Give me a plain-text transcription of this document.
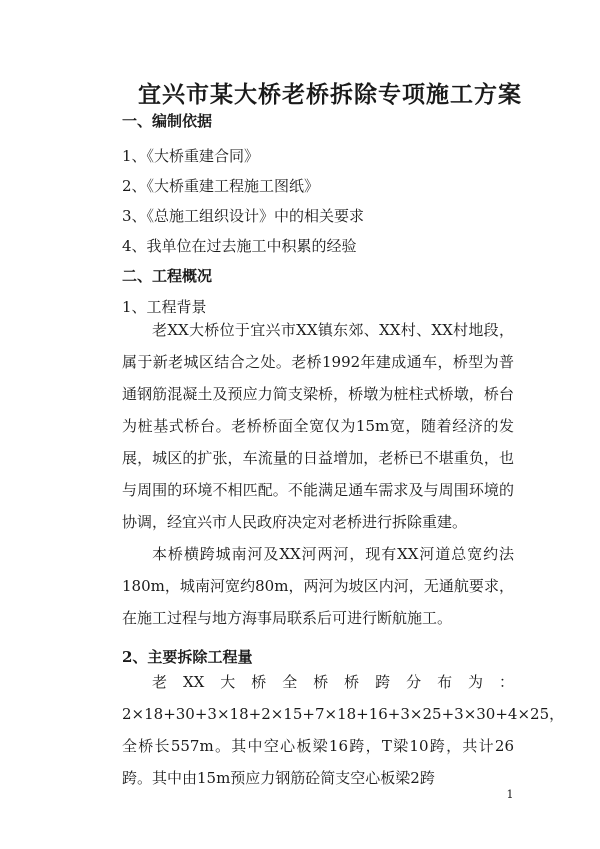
宜兴市某大桥老桥拆除专项施工方案
一、编制依据
1、《大桥重建合同》
2、《大桥重建工程施工图纸》
3、《总施工组织设计》中的相关要求
4、我单位在过去施工中积累的经验
二、工程概况
1、工程背景

老XX大桥位于宜兴市XX镇东郊、XX村、XX村地段，属于新老城区结合之处。老桥1992年建成通车，桥型为普通钢筋混凝土及预应力简支梁桥，桥墩为桩柱式桥墩，桥台为桩基式桥台。老桥桥面全宽仅为15m宽，随着经济的发展，城区的扩张，车流量的日益增加，老桥已不堪重负，也与周围的环境不相匹配。不能满足通车需求及与周围环境的协调，经宜兴市人民政府决定对老桥进行拆除重建。

本桥横跨城南河及XX河两河，现有XX河道总宽约法180m，城南河宽约80m，两河为坡区内河，无通航要求，在施工过程与地方海事局联系后可进行断航施工。

2、主要拆除工程量

老XX大桥全桥桥跨分布为：2×18+30+3×18+2×15+7×18+16+3×25+3×30+4×25，全桥长557m。其中空心板梁16跨，T梁10跨，共计26跨。其中由15m预应力钢筋砼简支空心板梁2跨

1
